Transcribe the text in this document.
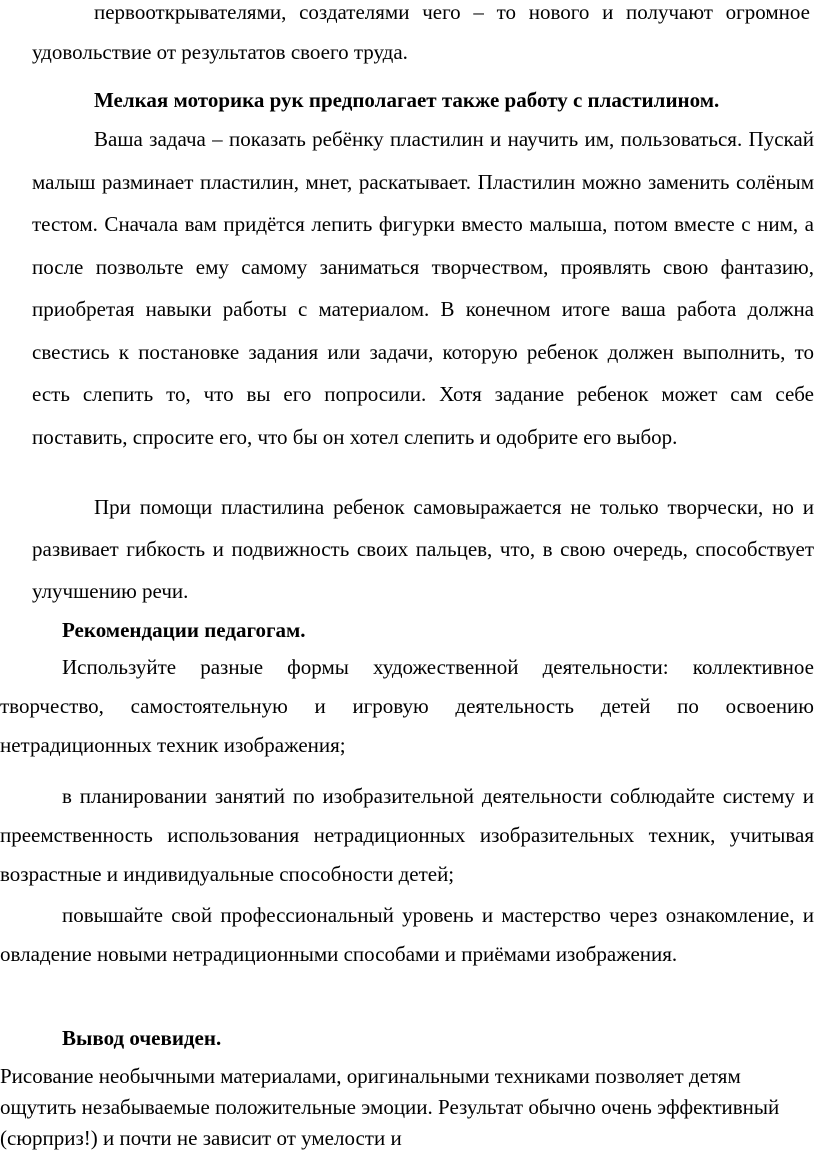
первооткрывателями, создателями чего – то нового и получают огромное удовольствие от результатов своего труда.

Мелкая моторика рук предполагает также работу с пластилином.

Ваша задача – показать ребёнку пластилин и научить им, пользоваться. Пускай малыш разминает пластилин, мнет, раскатывает. Пластилин можно заменить солёным тестом. Сначала вам придётся лепить фигурки вместо малыша, потом вместе с ним, а после позвольте ему самому заниматься творчеством, проявлять свою фантазию, приобретая навыки работы с материалом. В конечном итоге ваша работа должна свестись к постановке задания или задачи, которую ребенок должен выполнить, то есть слепить то, что вы его попросили. Хотя задание ребенок может сам себе поставить, спросите его, что бы он хотел слепить и одобрите его выбор.

При помощи пластилина ребенок самовыражается не только творчески, но и развивает гибкость и подвижность своих пальцев, что, в свою очередь, способствует улучшению речи.

Рекомендации педагогам.

Используйте разные формы художественной деятельности: коллективное творчество, самостоятельную и игровую деятельность детей по освоению нетрадиционных техник изображения;

в планировании занятий по изобразительной деятельности соблюдайте систему и преемственность использования нетрадиционных изобразительных техник, учитывая возрастные и индивидуальные способности детей;

повышайте свой профессиональный уровень и мастерство через ознакомление, и овладение новыми нетрадиционными способами и приёмами изображения.

Вывод очевиден.

Рисование необычными материалами, оригинальными техниками позволяет детям ощутить незабываемые положительные эмоции. Результат обычно очень эффективный (сюрприз!) и почти не зависит от умелости и
